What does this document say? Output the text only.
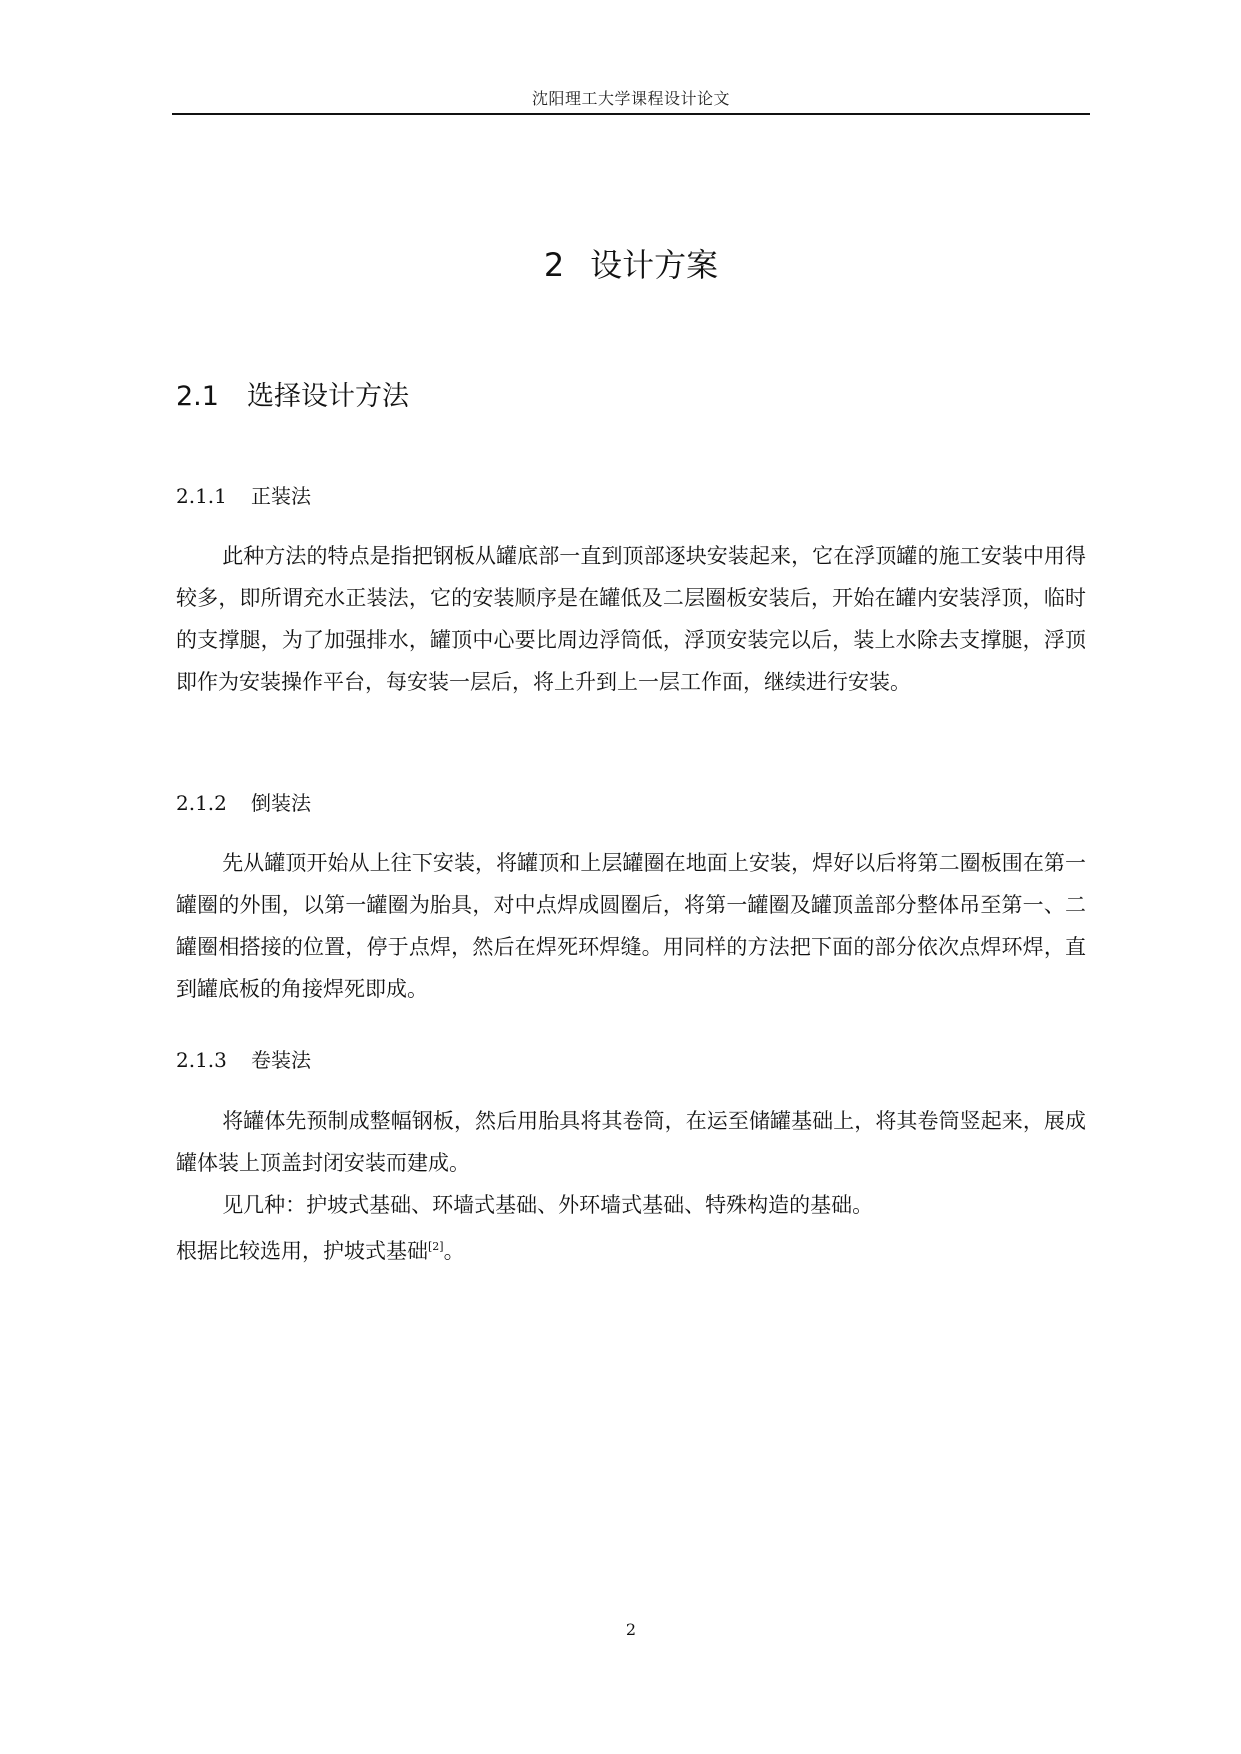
沈阳理工大学课程设计论文
2 设计方案
2.1 选择设计方法
2.1.1 正装法

此种方法的特点是指把钢板从罐底部一直到顶部逐块安装起来，它在浮顶罐的施工安装中用得较多，即所谓充水正装法，它的安装顺序是在罐低及二层圈板安装后，开始在罐内安装浮顶，临时的支撑腿，为了加强排水，罐顶中心要比周边浮筒低，浮顶安装完以后，装上水除去支撑腿，浮顶即作为安装操作平台，每安装一层后，将上升到上一层工作面，继续进行安装。

2.1.2 倒装法

先从罐顶开始从上往下安装，将罐顶和上层罐圈在地面上安装，焊好以后将第二圈板围在第一罐圈的外围，以第一罐圈为胎具，对中点焊成圆圈后，将第一罐圈及罐顶盖部分整体吊至第一、二罐圈相搭接的位置，停于点焊，然后在焊死环焊缝。用同样的方法把下面的部分依次点焊环焊，直到罐底板的角接焊死即成。

2.1.3 卷装法

将罐体先预制成整幅钢板，然后用胎具将其卷筒，在运至储罐基础上，将其卷筒竖起来，展成罐体装上顶盖封闭安装而建成。

见几种：护坡式基础、环墙式基础、外环墙式基础、特殊构造的基础。

根据比较选用，护坡式基础[2]。

2
